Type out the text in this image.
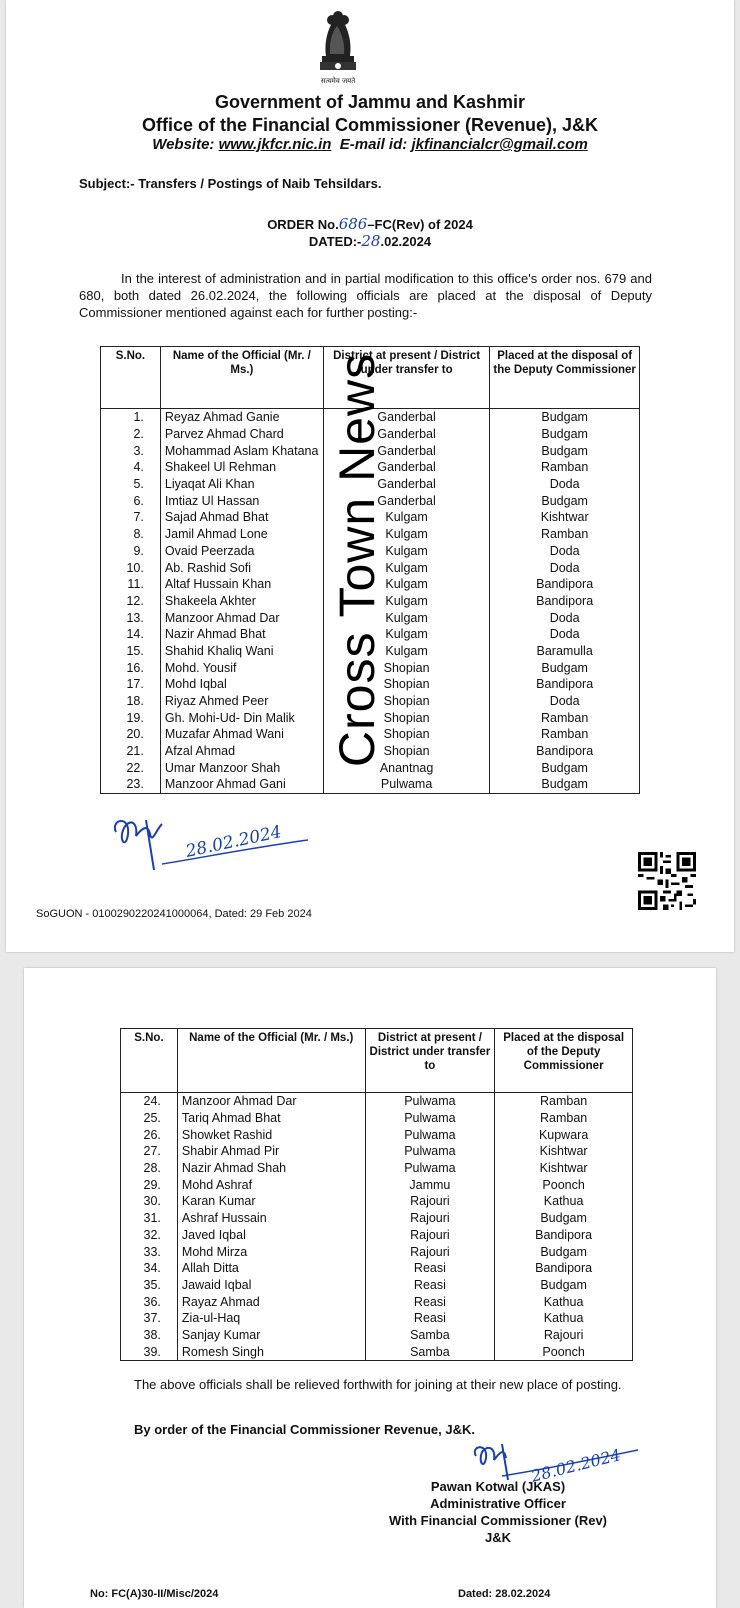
सत्यमेव जयते
Government of Jammu and Kashmir
Office of the Financial Commissioner (Revenue), J&K
Website: www.jkfcr.nic.in E-mail id: jkfinancialcr@gmail.com
Subject:- Transfers / Postings of Naib Tehsildars.
ORDER No.686–FC(Rev) of 2024
DATED:-28.02.2024
In the interest of administration and in partial modification to this office's order nos. 679 and 680, both dated 26.02.2024, the following officials are placed at the disposal of Deputy Commissioner mentioned against each for further posting:-
S.No.	Name of the Official (Mr. / Ms.)	District at present / District under transfer to	Placed at the disposal of the Deputy Commissioner
1.	Reyaz Ahmad Ganie	Ganderbal	Budgam
2.	Parvez Ahmad Chard	Ganderbal	Budgam
3.	Mohammad Aslam Khatana	Ganderbal	Budgam
4.	Shakeel Ul Rehman	Ganderbal	Ramban
5.	Liyaqat Ali Khan	Ganderbal	Doda
6.	Imtiaz Ul Hassan	Ganderbal	Budgam
7.	Sajad Ahmad Bhat	Kulgam	Kishtwar
8.	Jamil Ahmad Lone	Kulgam	Ramban
9.	Ovaid Peerzada	Kulgam	Doda
10.	Ab. Rashid Sofi	Kulgam	Doda
11.	Altaf Hussain Khan	Kulgam	Bandipora
12.	Shakeela Akhter	Kulgam	Bandipora
13.	Manzoor Ahmad Dar	Kulgam	Doda
14.	Nazir Ahmad Bhat	Kulgam	Doda
15.	Shahid Khaliq Wani	Kulgam	Baramulla
16.	Mohd. Yousif	Shopian	Budgam
17.	Mohd Iqbal	Shopian	Bandipora
18.	Riyaz Ahmed Peer	Shopian	Doda
19.	Gh. Mohi-Ud- Din Malik	Shopian	Ramban
20.	Muzafar Ahmad Wani	Shopian	Ramban
21.	Afzal Ahmad	Shopian	Bandipora
22.	Umar Manzoor Shah	Anantnag	Budgam
23.	Manzoor Ahmad Gani	Pulwama	Budgam
Cross Town News
28.02.2024
SoGUON - 0100290220241000064, Dated: 29 Feb 2024
S.No.	Name of the Official (Mr. / Ms.)	District at present / District under transfer to	Placed at the disposal of the Deputy Commissioner
24.	Manzoor Ahmad Dar	Pulwama	Ramban
25.	Tariq Ahmad Bhat	Pulwama	Ramban
26.	Showket Rashid	Pulwama	Kupwara
27.	Shabir Ahmad Pir	Pulwama	Kishtwar
28.	Nazir Ahmad Shah	Pulwama	Kishtwar
29.	Mohd Ashraf	Jammu	Poonch
30.	Karan Kumar	Rajouri	Kathua
31.	Ashraf Hussain	Rajouri	Budgam
32.	Javed Iqbal	Rajouri	Bandipora
33.	Mohd Mirza	Rajouri	Budgam
34.	Allah Ditta	Reasi	Bandipora
35.	Jawaid Iqbal	Reasi	Budgam
36.	Rayaz Ahmad	Reasi	Kathua
37.	Zia-ul-Haq	Reasi	Kathua
38.	Sanjay Kumar	Samba	Rajouri
39.	Romesh Singh	Samba	Poonch
The above officials shall be relieved forthwith for joining at their new place of posting.
By order of the Financial Commissioner Revenue, J&K.
28.02.2024
Pawan Kotwal (JKAS)
Administrative Officer
With Financial Commissioner (Rev)
J&K
No: FC(A)30-II/Misc/2024	Dated: 28.02.2024
